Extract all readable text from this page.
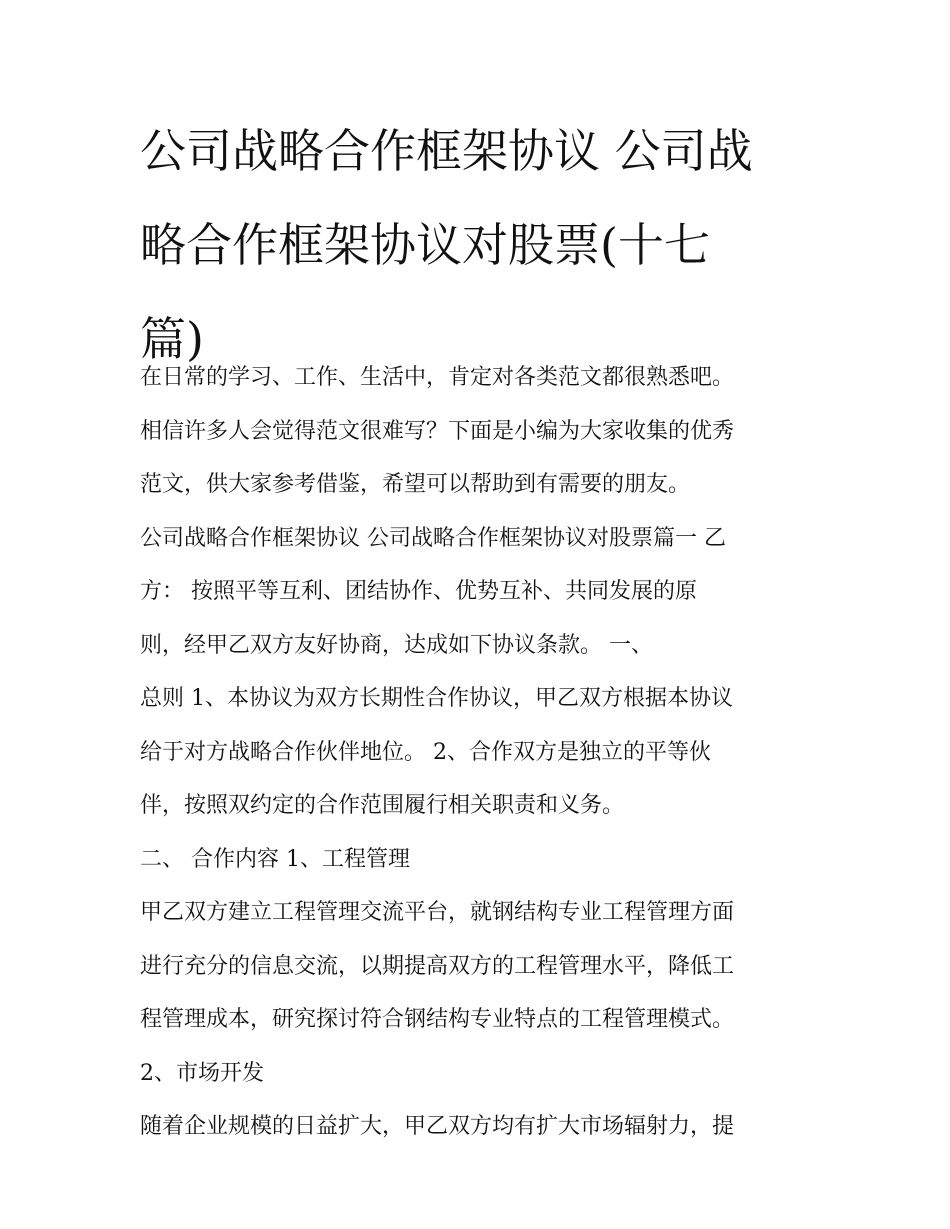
公司战略合作框架协议 公司战
略合作框架协议对股票(十七
篇)

在日常的学习、工作、生活中，肯定对各类范文都很熟悉吧。
相信许多人会觉得范文很难写？下面是小编为大家收集的优秀
范文，供大家参考借鉴，希望可以帮助到有需要的朋友。

公司战略合作框架协议 公司战略合作框架协议对股票篇一 乙
方： 按照平等互利、团结协作、优势互补、共同发展的原
则，经甲乙双方友好协商，达成如下协议条款。 一、
总则 1、本协议为双方长期性合作协议，甲乙双方根据本协议
给于对方战略合作伙伴地位。 2、合作双方是独立的平等伙
伴，按照双约定的合作范围履行相关职责和义务。

二、 合作内容 1、工程管理

甲乙双方建立工程管理交流平台，就钢结构专业工程管理方面
进行充分的信息交流，以期提高双方的工程管理水平，降低工
程管理成本，研究探讨符合钢结构专业特点的工程管理模式。

2、市场开发

随着企业规模的日益扩大，甲乙双方均有扩大市场辐射力，提
